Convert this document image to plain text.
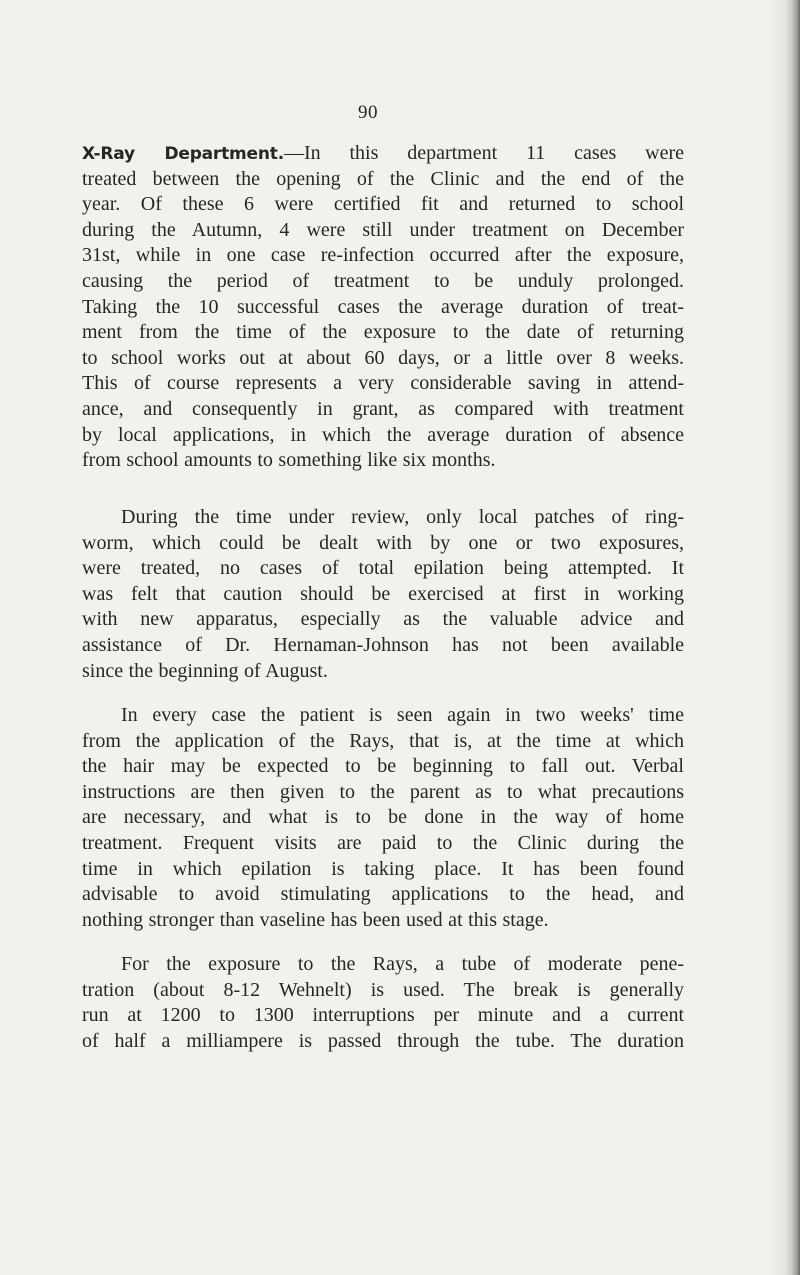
90
X-Ray Department.—In this department 11 cases were
treated between the opening of the Clinic and the end of the
year. Of these 6 were certified fit and returned to school
during the Autumn, 4 were still under treatment on December
31st, while in one case re-infection occurred after the exposure,
causing the period of treatment to be unduly prolonged.
Taking the 10 successful cases the average duration of treat-
ment from the time of the exposure to the date of returning
to school works out at about 60 days, or a little over 8 weeks.
This of course represents a very considerable saving in attend-
ance, and consequently in grant, as compared with treatment
by local applications, in which the average duration of absence
from school amounts to something like six months.
During the time under review, only local patches of ring-
worm, which could be dealt with by one or two exposures,
were treated, no cases of total epilation being attempted. It
was felt that caution should be exercised at first in working
with new apparatus, especially as the valuable advice and
assistance of Dr. Hernaman-Johnson has not been available
since the beginning of August.
In every case the patient is seen again in two weeks' time
from the application of the Rays, that is, at the time at which
the hair may be expected to be beginning to fall out. Verbal
instructions are then given to the parent as to what precautions
are necessary, and what is to be done in the way of home
treatment. Frequent visits are paid to the Clinic during the
time in which epilation is taking place. It has been found
advisable to avoid stimulating applications to the head, and
nothing stronger than vaseline has been used at this stage.
For the exposure to the Rays, a tube of moderate pene-
tration (about 8-12 Wehnelt) is used. The break is generally
run at 1200 to 1300 interruptions per minute and a current
of half a milliampere is passed through the tube. The duration
